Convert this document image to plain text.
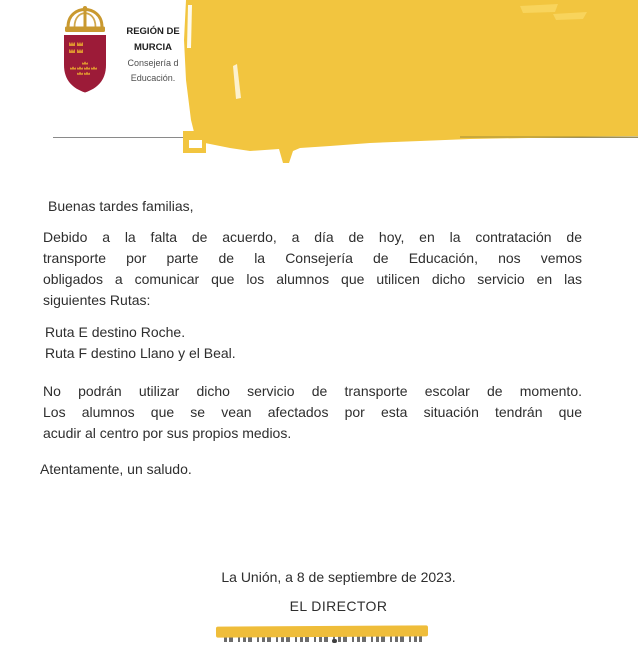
REGIÓN DE
MURCIA
Consejería d
Educación.
Buenas tardes familias,
Debido a la falta de acuerdo, a día de hoy, en la contratación de
transporte por parte de la Consejería de Educación, nos vemos
obligados a comunicar que los alumnos que utilicen dicho servicio en las
siguientes Rutas:
Ruta E destino Roche.
Ruta F destino Llano y el Beal.
No podrán utilizar dicho servicio de transporte escolar de momento.
Los alumnos que se vean afectados por esta situación tendrán que
acudir al centro por sus propios medios.
Atentamente, un saludo.
La Unión, a 8 de septiembre de 2023.
EL DIRECTOR
